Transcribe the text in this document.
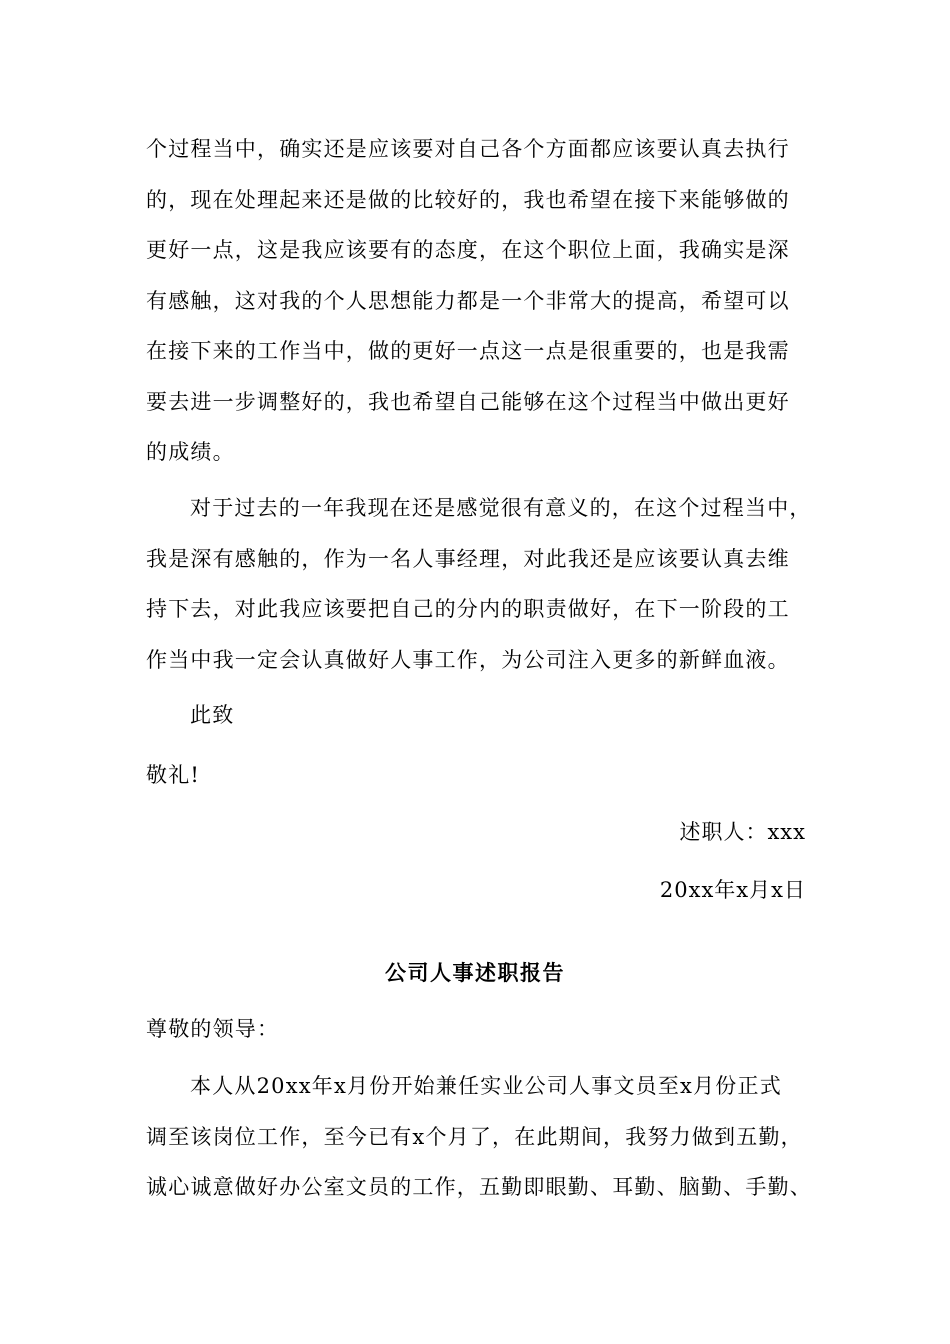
个过程当中，确实还是应该要对自己各个方面都应该要认真去执行
的，现在处理起来还是做的比较好的，我也希望在接下来能够做的
更好一点，这是我应该要有的态度，在这个职位上面，我确实是深
有感触，这对我的个人思想能力都是一个非常大的提高，希望可以
在接下来的工作当中，做的更好一点这一点是很重要的，也是我需
要去进一步调整好的，我也希望自己能够在这个过程当中做出更好
的成绩。
对于过去的一年我现在还是感觉很有意义的，在这个过程当中，
我是深有感触的，作为一名人事经理，对此我还是应该要认真去维
持下去，对此我应该要把自己的分内的职责做好，在下一阶段的工
作当中我一定会认真做好人事工作，为公司注入更多的新鲜血液。
此致
敬礼!
述职人：xxx
20xx年x月x日
公司人事述职报告
尊敬的领导：
本人从20xx年x月份开始兼任实业公司人事文员至x月份正式
调至该岗位工作，至今已有x个月了，在此期间，我努力做到五勤，
诚心诚意做好办公室文员的工作，五勤即眼勤、耳勤、脑勤、手勤、
